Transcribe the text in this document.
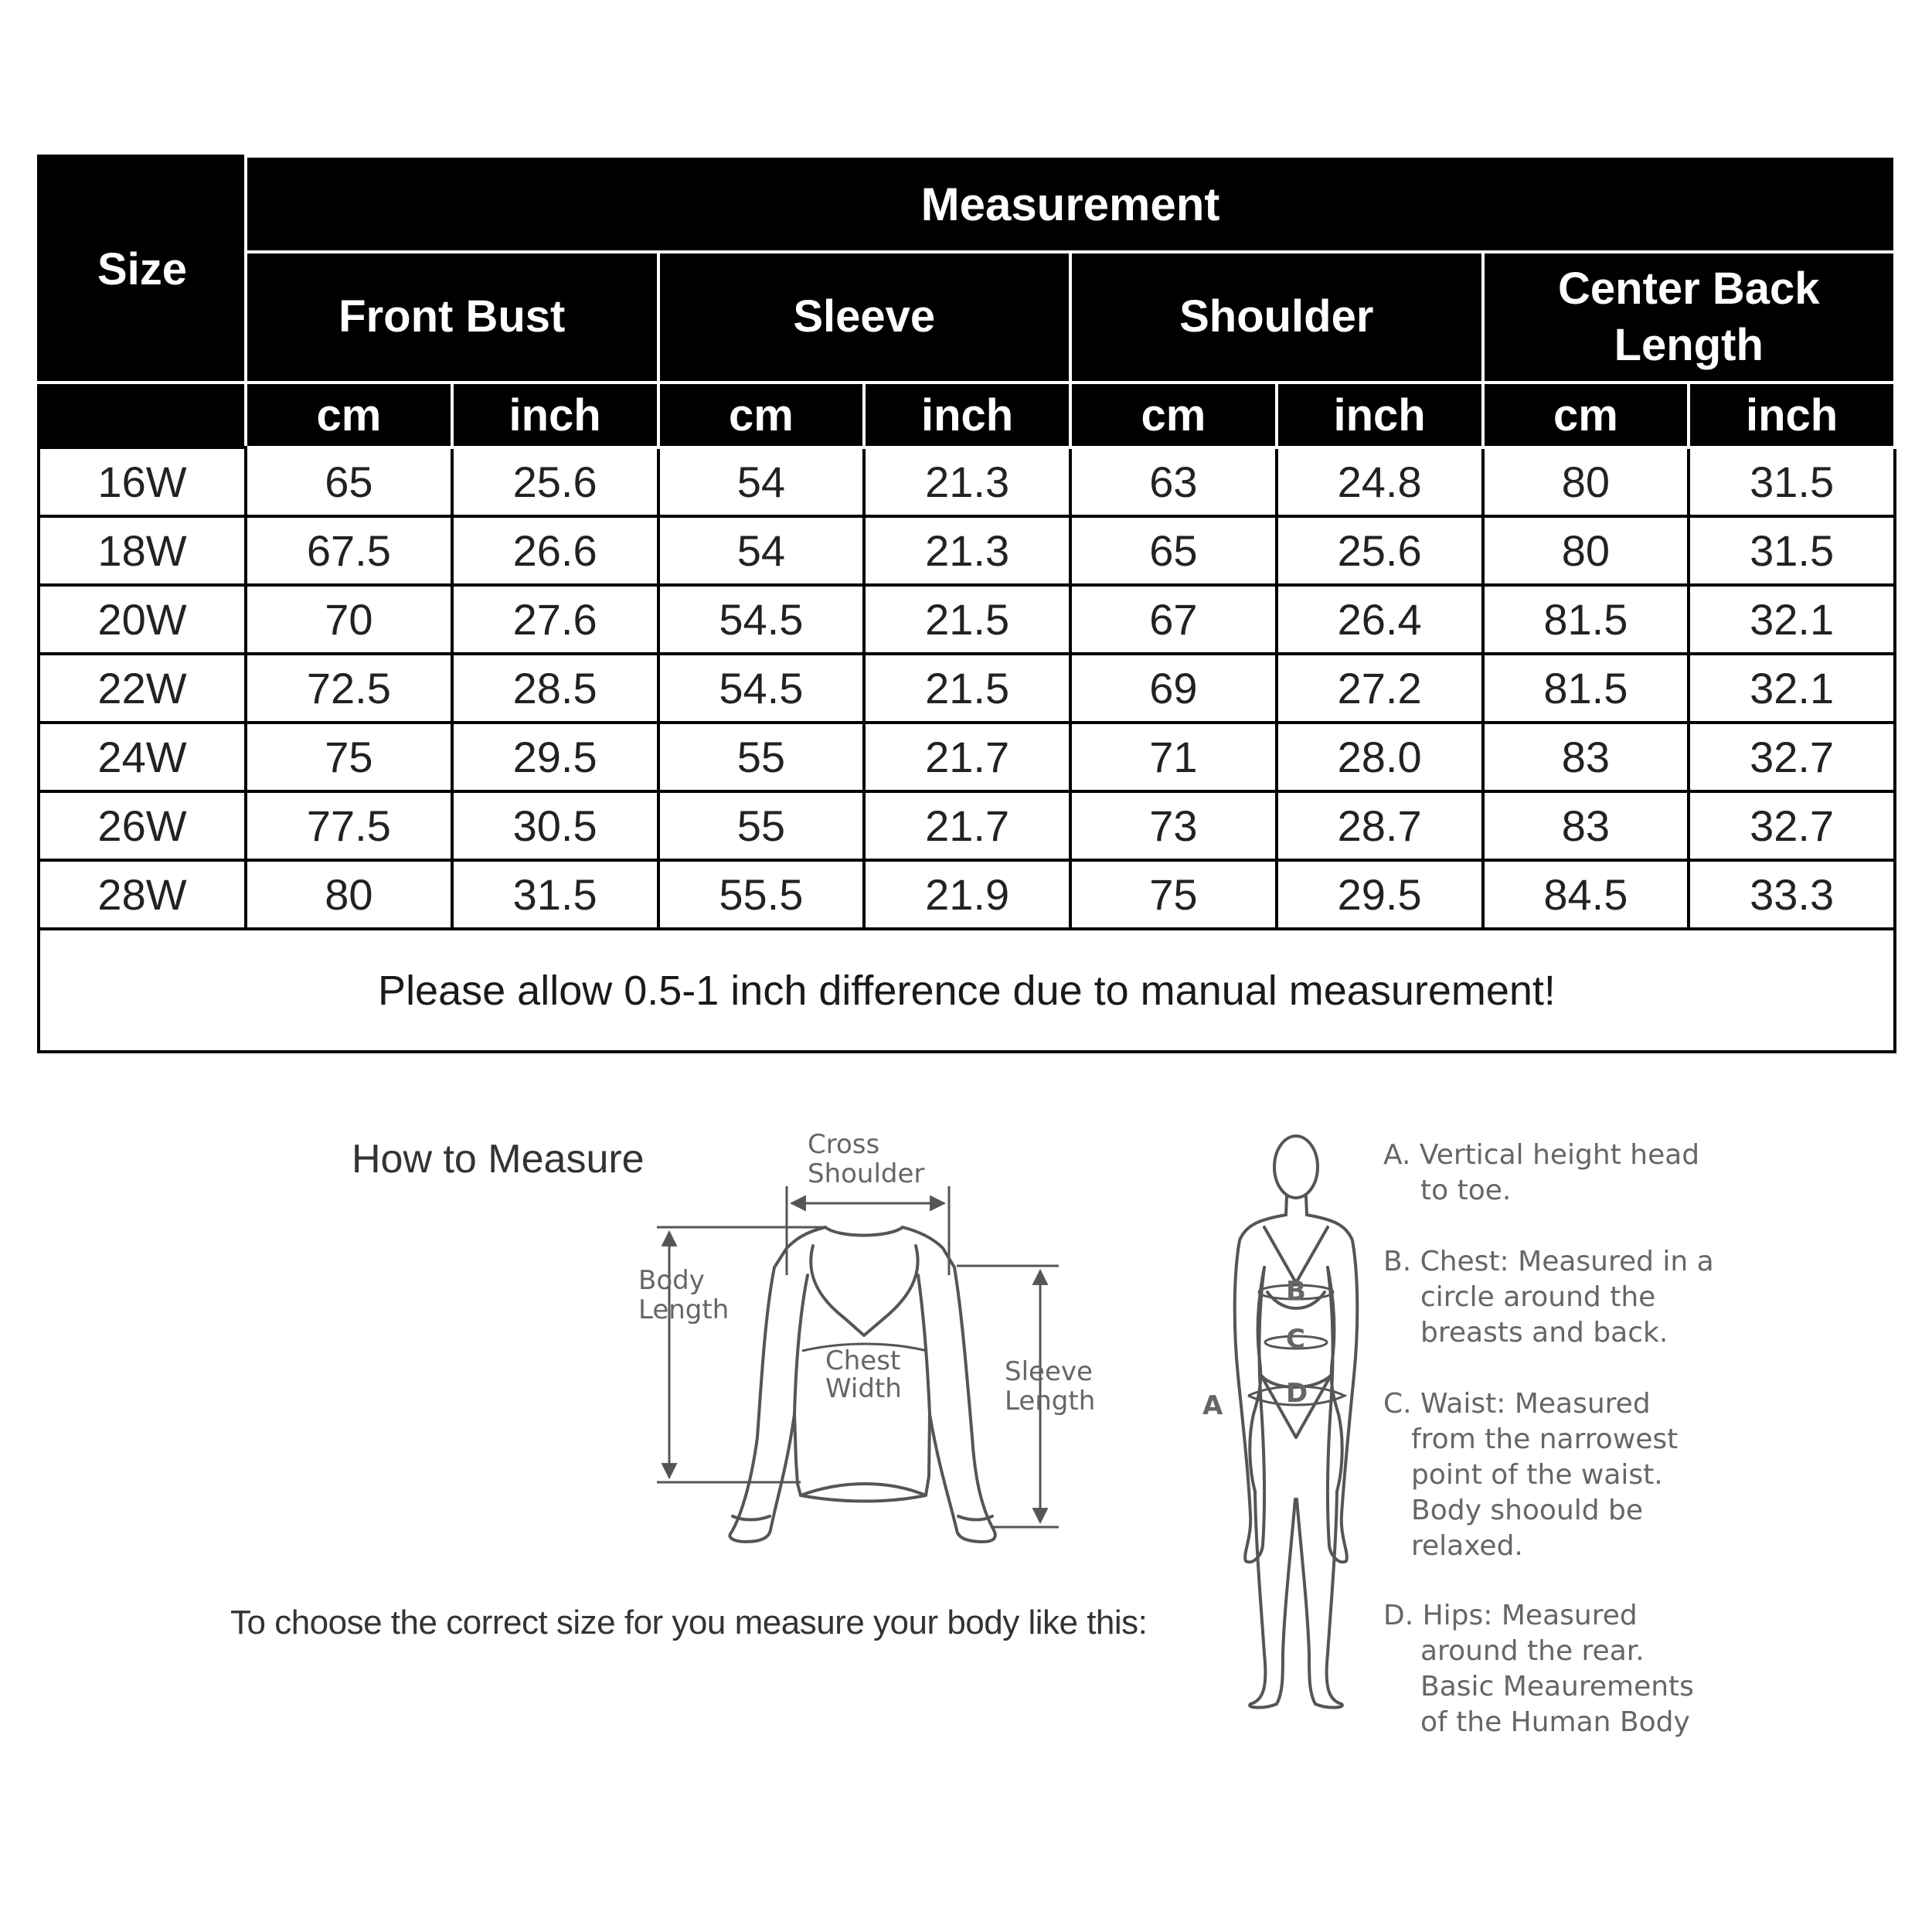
Size	Measurement							
	Front Bust		Sleeve		Shoulder		Center Back Length	
	cm	inch	cm	inch	cm	inch	cm	inch
16W	65	25.6	54	21.3	63	24.8	80	31.5
18W	67.5	26.6	54	21.3	65	25.6	80	31.5
20W	70	27.6	54.5	21.5	67	26.4	81.5	32.1
22W	72.5	28.5	54.5	21.5	69	27.2	81.5	32.1
24W	75	29.5	55	21.7	71	28.0	83	32.7
26W	77.5	30.5	55	21.7	73	28.7	83	32.7
28W	80	31.5	55.5	21.9	75	29.5	84.5	33.3
Please allow 0.5-1 inch difference due to manual measurement!								
How to Measure
To choose the correct size for you measure your body like this:
Cross
Shoulder
Body
Length
Chest
Width
Sleeve
Length	A
B
C
D
A. Vertical height head
to toe.
B. Chest: Measured in a
circle around the
breasts and back.
C. Waist: Measured
from the narrowest
point of the waist.
Body shoould be
relaxed.
D. Hips: Measured
around the rear.
Basic Meaurements
of the Human Body
